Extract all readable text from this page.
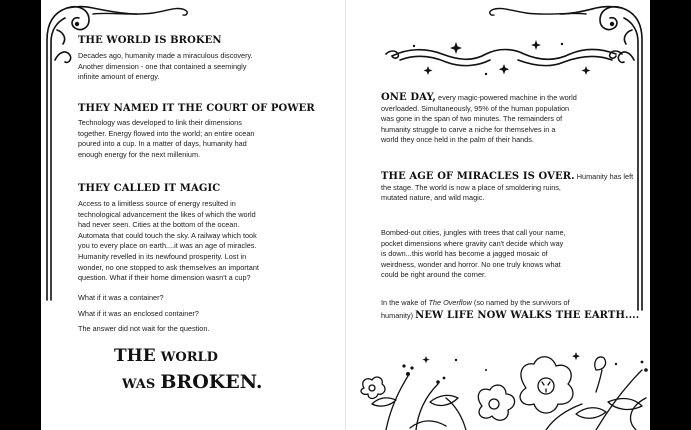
THE WORLD IS BROKEN
Decades ago, humanity made a miraculous discovery.
Another dimension - one that contained a seemingly
infinite amount of energy.
THEY NAMED IT THE COURT OF POWER
Technology was developed to link their dimensions
together. Energy flowed into the world; an entire ocean
poured into a cup. In a matter of days, humanity had
enough energy for the next millenium.
THEY CALLED IT MAGIC
Access to a limitless source of energy resulted in
technological advancement the likes of which the world
had never seen. Cities at the bottom of the ocean.
Automata that could touch the sky. A railway which took
you to every place on earth....it was an age of miracles.
Humanity revelled in its newfound prosperity. Lost in
wonder, no one stopped to ask themselves an important
question. What if their home dimension wasn't a cup?
What if it was a container?
What if it was an enclosed container?
The answer did not wait for the question.
THE WORLD
WAS BROKEN.
ONE DAY, every magic-powered machine in the world
overloaded. Simultaneously, 95% of the human population
was gone in the span of two minutes. The remainders of
humanity struggle to carve a niche for themselves in a
world they once held in the palm of their hands.
THE AGE OF MIRACLES IS OVER. Humanity has left
the stage. The world is now a place of smoldering ruins,
mutated nature, and wild magic.
Bombed-out cities, jungles with trees that call your name,
pocket dimensions where gravity can't decide which way
is down...this world has become a jagged mosaic of
weirdness, wonder and horror. No one truly knows what
could be right around the corner.
In the wake of The Overflow (so named by the survivors of
humanity) NEW LIFE NOW WALKS THE EARTH....
